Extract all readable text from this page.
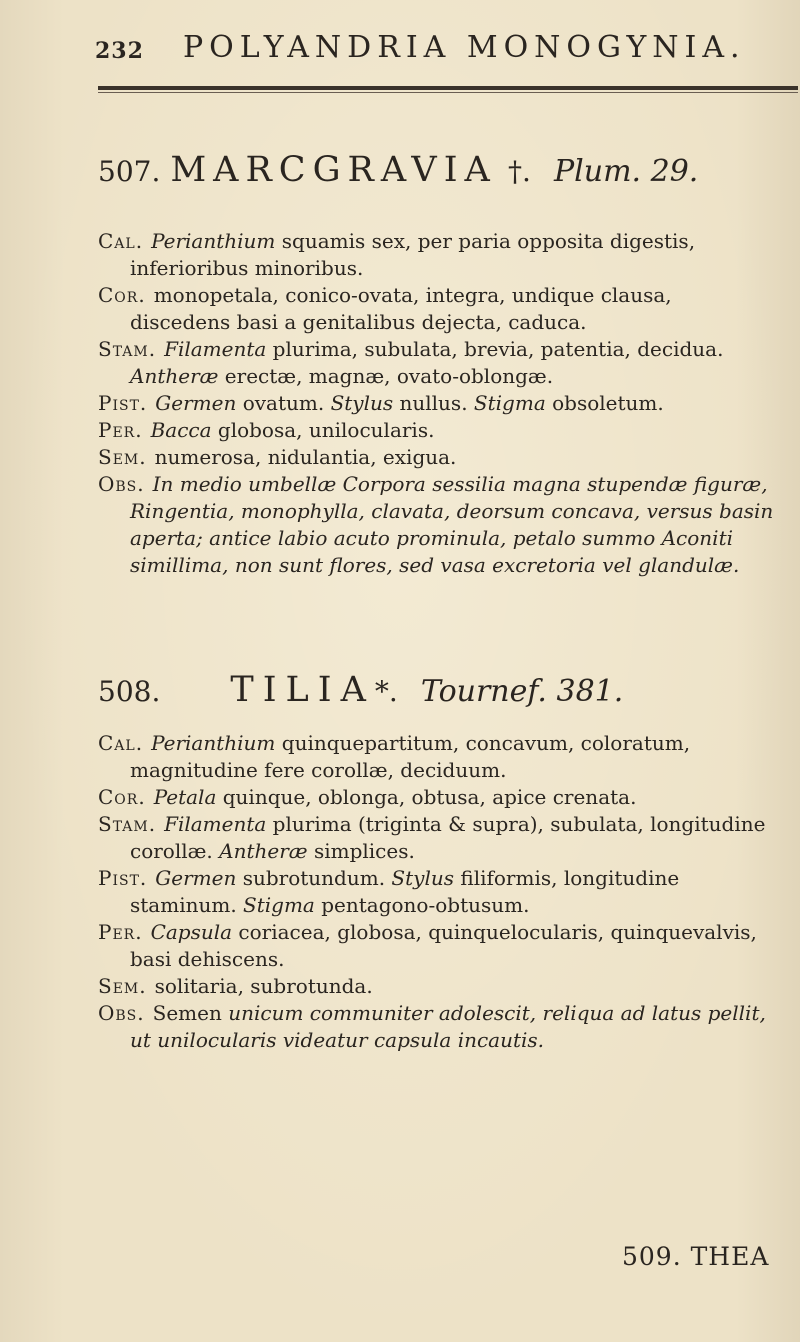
232 POLYANDRIA MONOGYNIA.
507. MARCGRAVIA †. Plum. 29.

Cal. Perianthium squamis sex, per paria opposita digestis, inferioribus minoribus.

Cor. monopetala, conico-ovata, integra, undique clausa, discedens basi a genitalibus dejecta, caduca.

Stam. Filamenta plurima, subulata, brevia, patentia, decidua. Antheræ erectæ, magnæ, ovato-oblongæ.

Pist. Germen ovatum. Stylus nullus. Stigma obsoletum.

Per. Bacca globosa, unilocularis.

Sem. numerosa, nidulantia, exigua.

Obs. In medio umbellæ Corpora sessilia magna stupendæ figuræ, Ringentia, monophylla, clavata, deorsum concava, versus basin aperta; antice labio acuto prominula, petalo summo Aconiti simillima, non sunt flores, sed vasa excretoria vel glandulæ.

508. TILIA*. Tournef. 381.

Cal. Perianthium quinquepartitum, concavum, coloratum, magnitudine fere corollæ, deciduum.

Cor. Petala quinque, oblonga, obtusa, apice crenata.

Stam. Filamenta plurima (triginta & supra), subulata, longitudine corollæ. Antheræ simplices.

Pist. Germen subrotundum. Stylus filiformis, longitudine staminum. Stigma pentagono-obtusum.

Per. Capsula coriacea, globosa, quinquelocularis, quinquevalvis, basi dehiscens.

Sem. solitaria, subrotunda.

Obs. Semen unicum communiter adolescit, reliqua ad latus pellit, ut unilocularis videatur capsula incautis.

509. THEA
